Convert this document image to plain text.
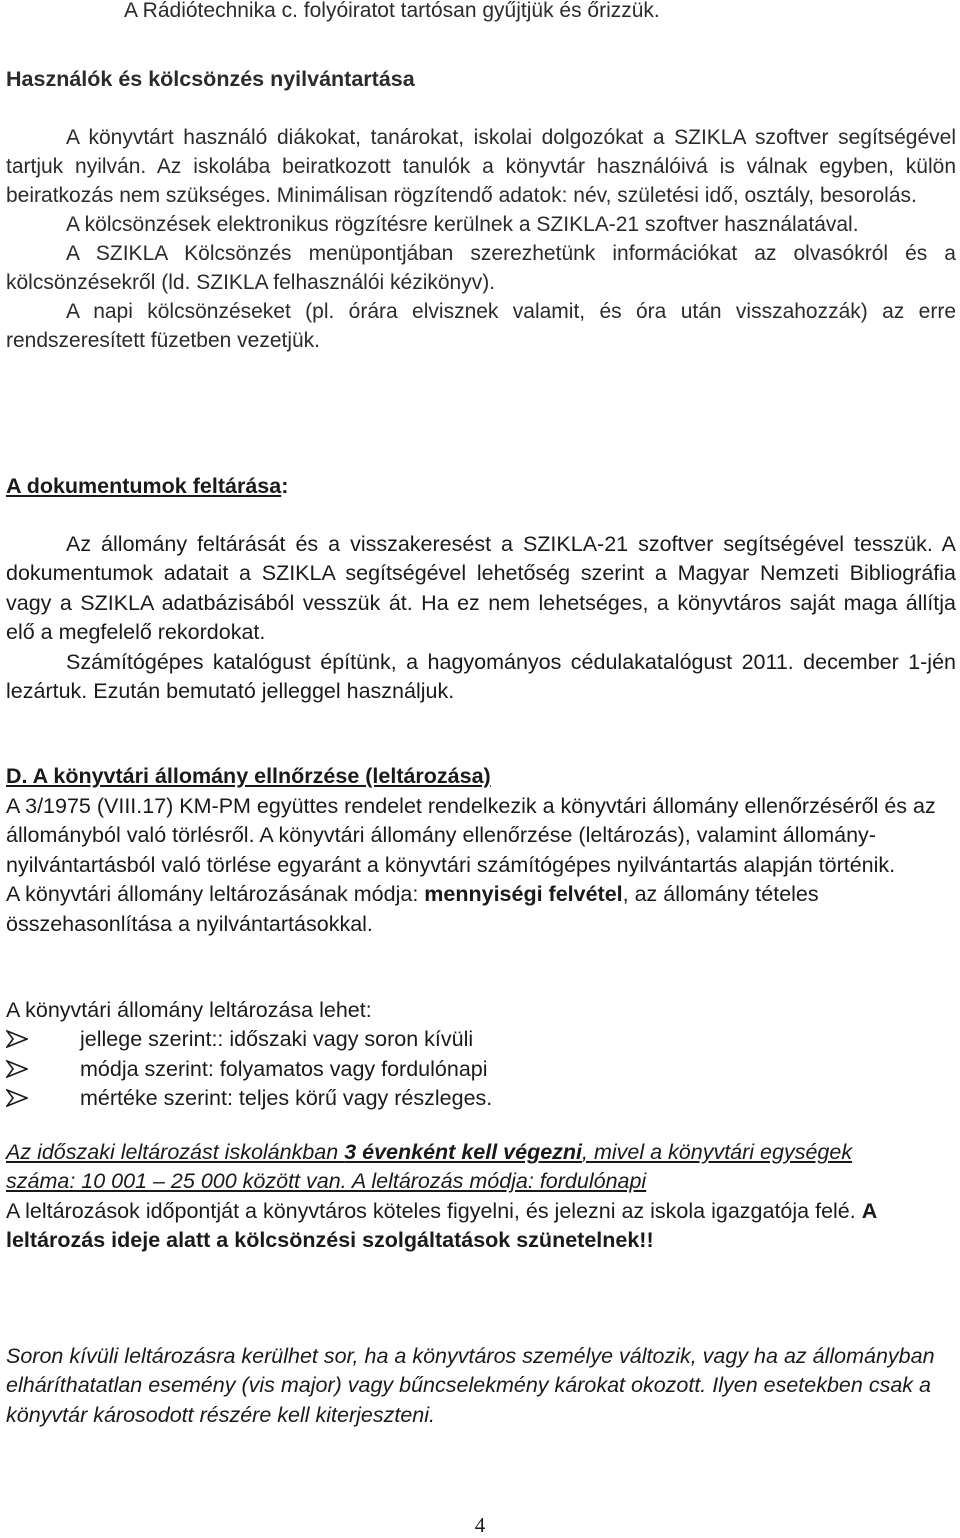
A Rádiótechnika c. folyóiratot tartósan gyűjtjük és őrizzük.
Használók és kölcsönzés nyilvántartása
A könyvtárt használó diákokat, tanárokat, iskolai dolgozókat a SZIKLA szoftver segítségével tartjuk nyilván. Az iskolába beiratkozott tanulók a könyvtár használóivá is válnak egyben, külön beiratkozás nem szükséges. Minimálisan rögzítendő adatok: név, születési idő, osztály, besorolás.
A kölcsönzések elektronikus rögzítésre kerülnek a SZIKLA-21 szoftver használatával.
A SZIKLA Kölcsönzés menüpontjában szerezhetünk információkat az olvasókról és a kölcsönzésekről (ld. SZIKLA felhasználói kézikönyv).
A napi kölcsönzéseket (pl. órára elvisznek valamit, és óra után visszahozzák) az erre rendszeresített füzetben vezetjük.
A dokumentumok feltárása:
Az állomány feltárását és a visszakeresést a SZIKLA-21 szoftver segítségével tesszük. A dokumentumok adatait a SZIKLA segítségével lehetőség szerint a Magyar Nemzeti Bibliográfia vagy a SZIKLA adatbázisából vesszük át. Ha ez nem lehetséges, a könyvtáros saját maga állítja elő a megfelelő rekordokat.
Számítógépes katalógust építünk, a hagyományos cédulakatalógust 2011. december 1-jén lezártuk. Ezután bemutató jelleggel használjuk.
D. A könyvtári állomány ellnőrzése (leltározása)
A 3/1975 (VIII.17) KM-PM együttes rendelet rendelkezik a könyvtári állomány ellenőrzéséről és az állományból való törlésről. A könyvtári állomány ellenőrzése (leltározás), valamint állomány-nyilvántartásból való törlése egyaránt a könyvtári számítógépes nyilvántartás alapján történik.
A könyvtári állomány leltározásának módja: mennyiségi felvétel, az állomány tételes összehasonlítása a nyilvántartásokkal.
A könyvtári állomány leltározása lehet:
jellege szerint:: időszaki vagy soron kívüli
módja szerint: folyamatos vagy fordulónapi
mértéke szerint: teljes körű vagy részleges.
Az időszaki leltározást iskolánkban 3 évenként kell végezni, mivel a könyvtári egységek száma: 10 001 – 25 000 között van. A leltározás módja: fordulónapi
A leltározások időpontját a könyvtáros köteles figyelni, és jelezni az iskola igazgatója felé. A leltározás ideje alatt a kölcsönzési szolgáltatások szünetelnek!!
Soron kívüli leltározásra kerülhet sor, ha a könyvtáros személye változik, vagy ha az állományban elháríthatatlan esemény (vis major) vagy bűncselekmény károkat okozott. Ilyen esetekben csak a könyvtár károsodott részére kell kiterjeszteni.
4
